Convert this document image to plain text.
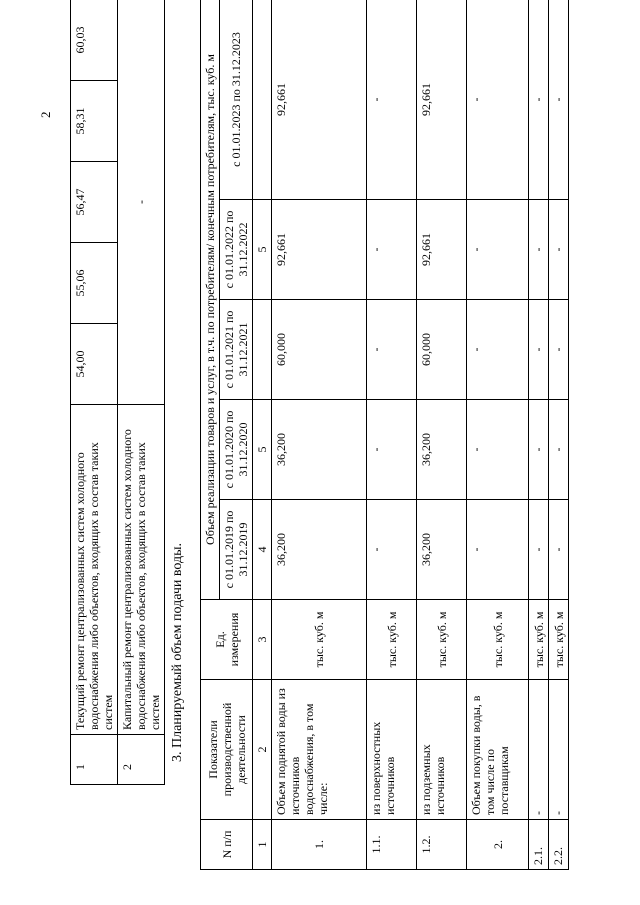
2
1	Текущий ремонт централизованных систем холодного водоснабжения либо объектов, входящих в состав таких систем	54,00	55,06	56,47	58,31	60,03
2	Капитальный ремонт централизованных систем холодного водоснабжения либо объектов, входящих в состав таких систем	-				
3. Планируемый объем подачи воды.
N п/п	Показатели производственной деятельности	Ед. измерения	Объем реализации товаров и услуг, в т.ч. по потребителям/ конечным потребителям, тыс. куб. м				
			с 01.01.2019 по 31.12.2019	с 01.01.2020 по 31.12.2020	с 01.01.2021 по 31.12.2021	с 01.01.2022 по 31.12.2022	с 01.01.2023 по 31.12.2023
1	2	3	4	5		5	
1.	Объем поднятой воды из источников водоснабжения, в том числе:	тыс. куб. м	36,200	36,200	60,000	92,661	92,661
1.1.	из поверхностных источников	тыс. куб. м	-	-	-	-	-
1.2.	из подземных источников	тыс. куб. м	36,200	36,200	60,000	92,661	92,661
2.	Объем покупки воды, в том числе по поставщикам	тыс. куб. м	-	-	-	-	-
2.1.	-	тыс. куб. м	-	-	-	-	-
2.2.	-	тыс. куб. м	-	-	-	-	-
